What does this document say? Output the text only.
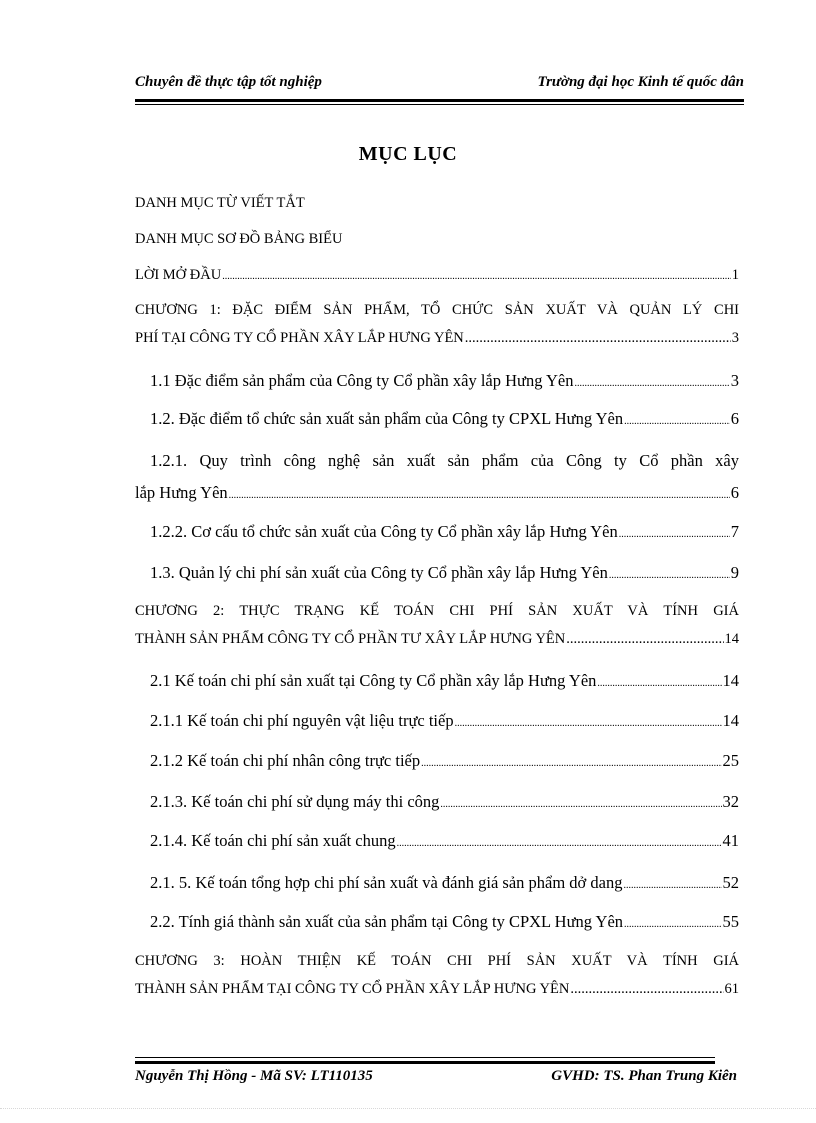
Chuyên đề thực tập tốt nghiệp	Trường đại học Kinh tế quốc dân
MỤC LỤC
DANH MỤC TỪ VIẾT TẮT
DANH MỤC SƠ ĐỒ BẢNG BIỂU
LỜI MỞ ĐẦU .....	1
CHƯƠNG 1: ĐẶC ĐIỂM SẢN PHẨM, TỔ CHỨC SẢN XUẤT VÀ QUẢN LÝ CHI
PHÍ TẠI CÔNG TY CỔ PHẦN XÂY LẮP HƯNG YÊN .....	3
1.1 Đặc điểm sản phẩm của Công ty Cổ phần xây lắp Hưng Yên .....	3
1.2. Đặc điểm tổ chức sản xuất sản phẩm của Công ty CPXL Hưng Yên .....	6
1.2.1. Quy trình công nghệ sản xuất sản phẩm của Công ty Cổ phần xây
lắp Hưng Yên .....	6
1.2.2. Cơ cấu tổ chức sản xuất của Công ty Cổ phần xây lắp Hưng Yên .....	7
1.3. Quản lý chi phí sản xuất của Công ty Cổ phần xây lắp Hưng Yên .....	9
CHƯƠNG 2: THỰC TRẠNG KẾ TOÁN CHI PHÍ SẢN XUẤT VÀ TÍNH GIÁ
THÀNH SẢN PHẨM CÔNG TY CỔ PHẦN TƯ XÂY LẮP HƯNG YÊN .....	14
2.1 Kế toán chi phí sản xuất tại Công ty Cổ phần xây lắp Hưng Yên .....	14
2.1.1 Kế toán chi phí nguyên vật liệu trực tiếp .....	14
2.1.2 Kế toán chi phí nhân công trực tiếp .....	25
2.1.3. Kế toán chi phí sử dụng máy thi công .....	32
2.1.4. Kế toán chi phí sản xuất chung .....	41
2.1. 5. Kế toán tổng hợp chi phí sản xuất và đánh giá sản phẩm dở dang .....	52
2.2. Tính giá thành sản xuất của sản phẩm tại Công ty CPXL Hưng Yên .....	55
CHƯƠNG 3: HOÀN THIỆN KẾ TOÁN CHI PHÍ SẢN XUẤT VÀ TÍNH GIÁ
THÀNH SẢN PHẨM TẠI CÔNG TY CỔ PHẦN XÂY LẮP HƯNG YÊN .....	61
Nguyễn Thị Hồng - Mã SV: LT110135	GVHD: TS. Phan Trung Kiên
